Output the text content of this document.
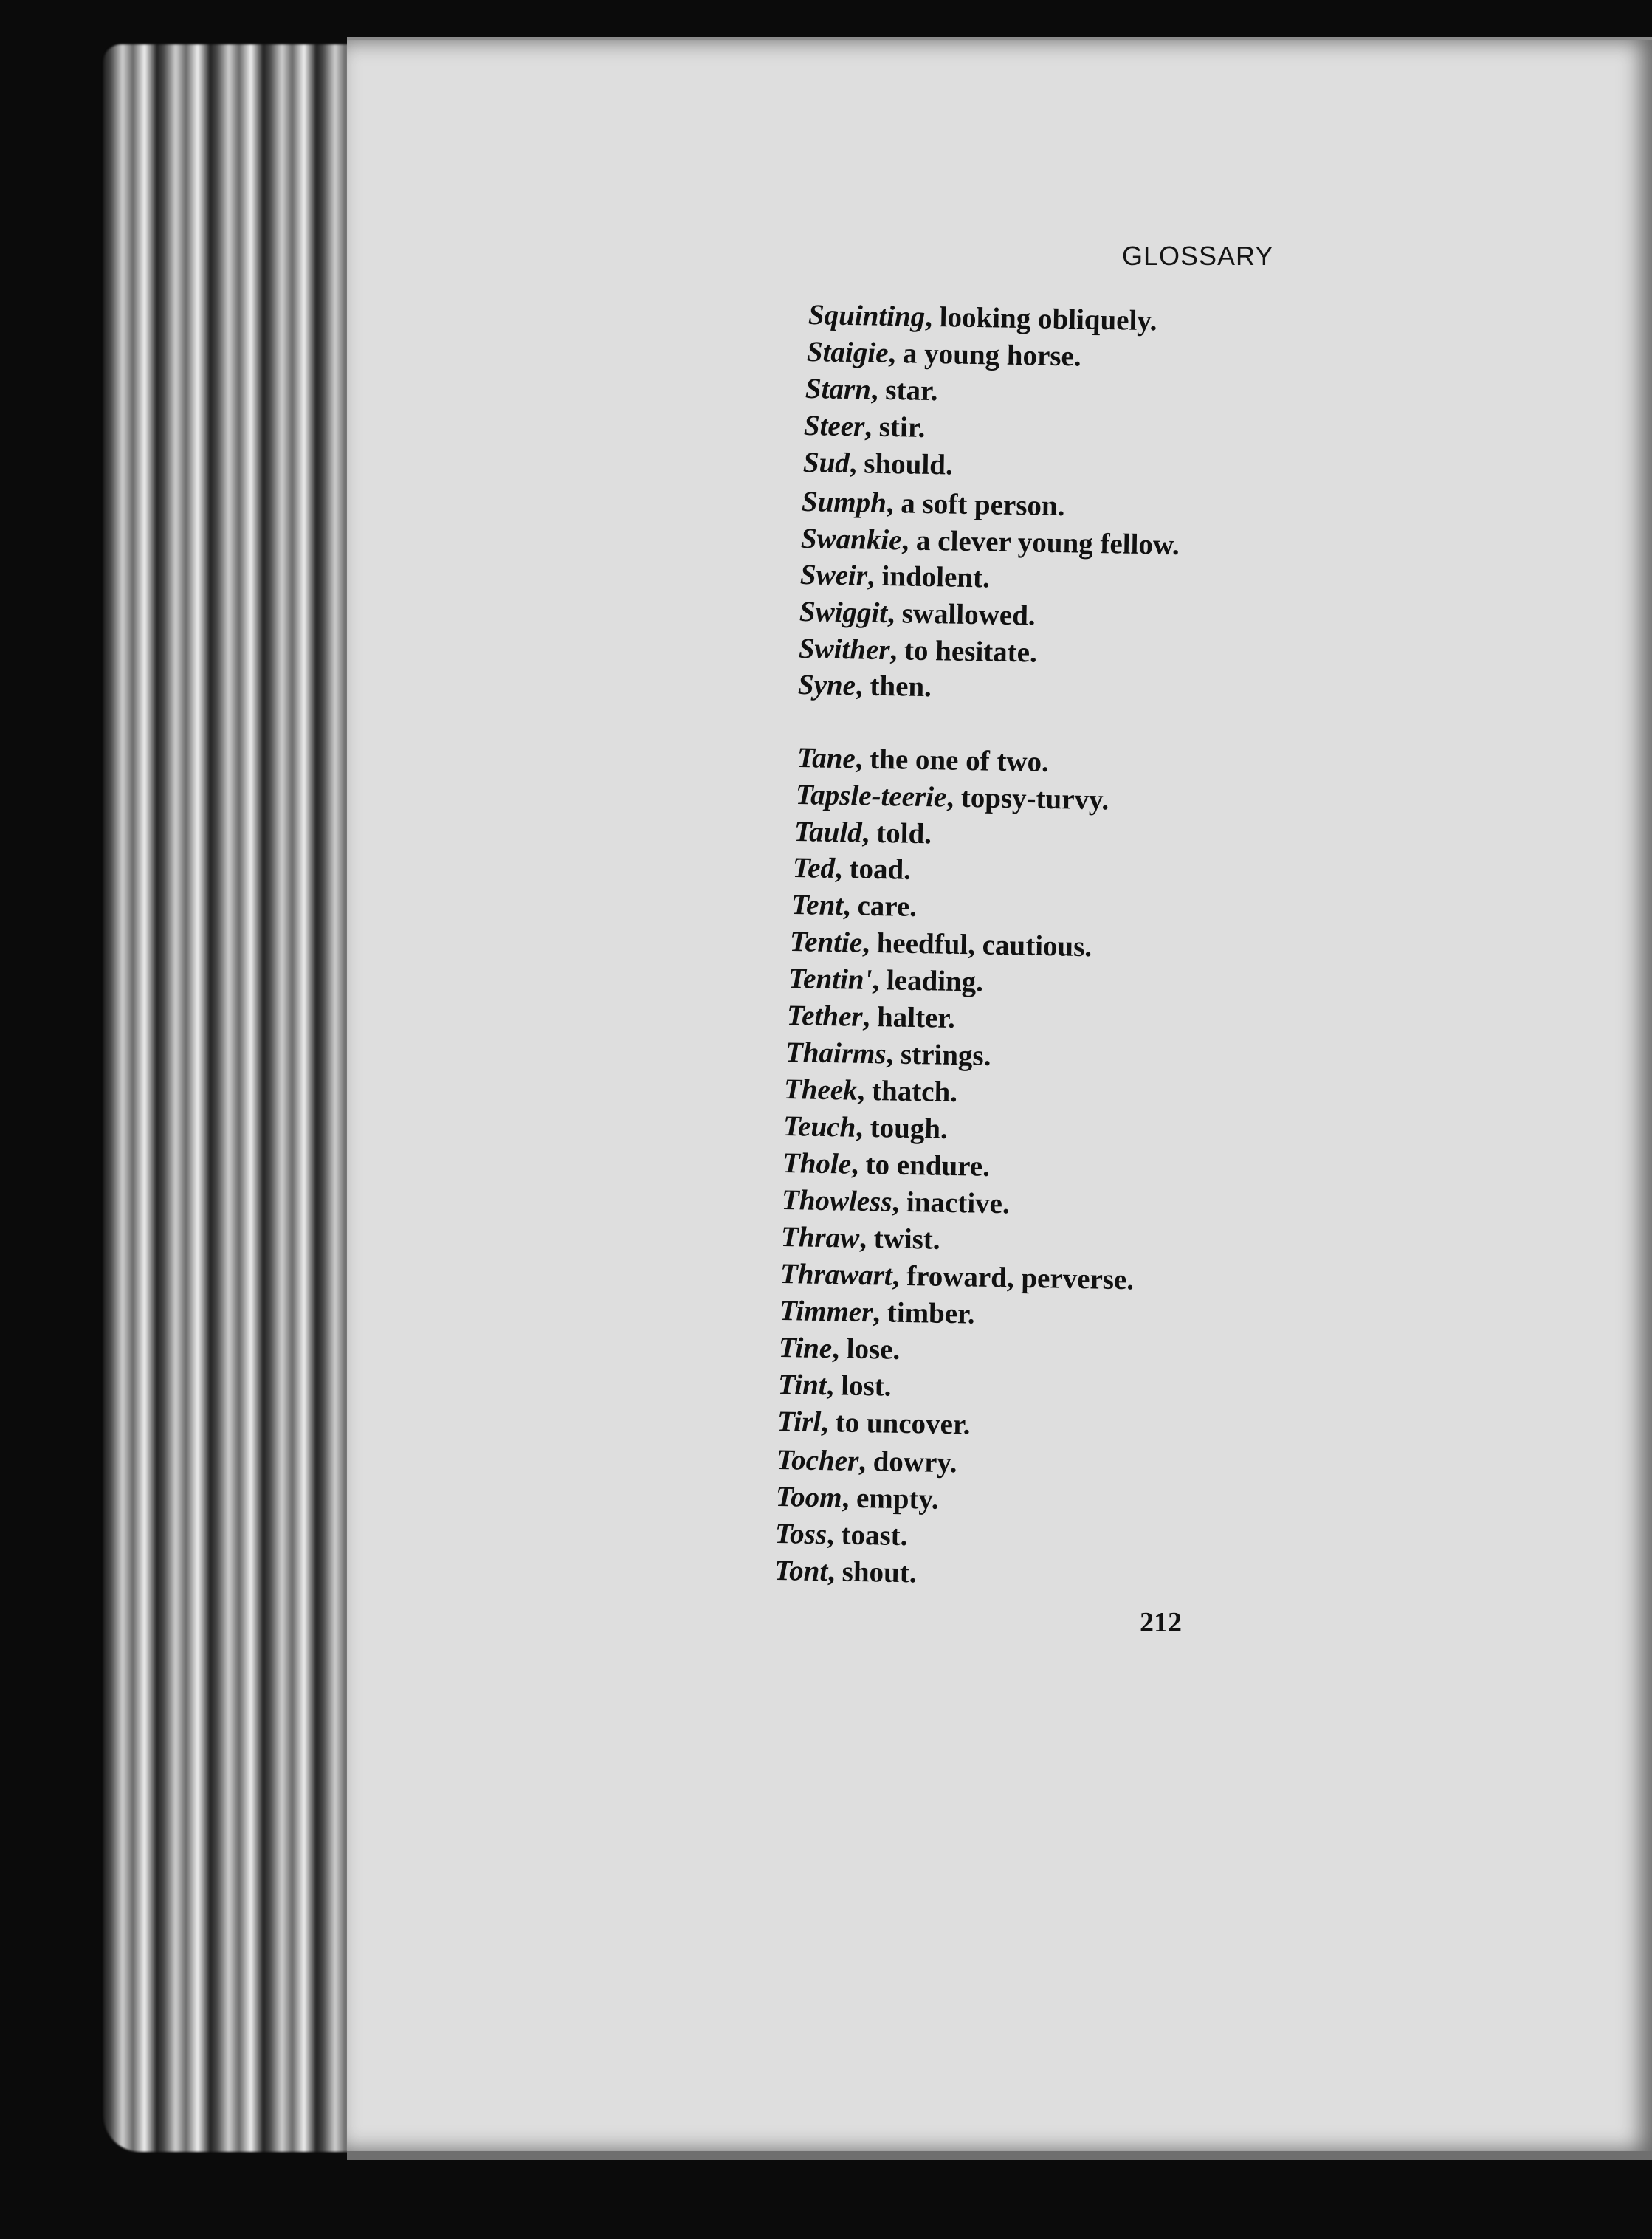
GLOSSARY
Squinting, looking obliquely.
Staigie, a young horse.
Starn, star.
Steer, stir.
Sud, should.
Sumph, a soft person.
Swankie, a clever young fellow.
Sweir, indolent.
Swiggit, swallowed.
Swither, to hesitate.
Syne, then.
Tane, the one of two.
Tapsle-teerie, topsy-turvy.
Tauld, told.
Ted, toad.
Tent, care.
Tentie, heedful, cautious.
Tentin', leading.
Tether, halter.
Thairms, strings.
Theek, thatch.
Teuch, tough.
Thole, to endure.
Thowless, inactive.
Thraw, twist.
Thrawart, froward, perverse.
Timmer, timber.
Tine, lose.
Tint, lost.
Tirl, to uncover.
Tocher, dowry.
Toom, empty.
Toss, toast.
Tont, shout.
212
